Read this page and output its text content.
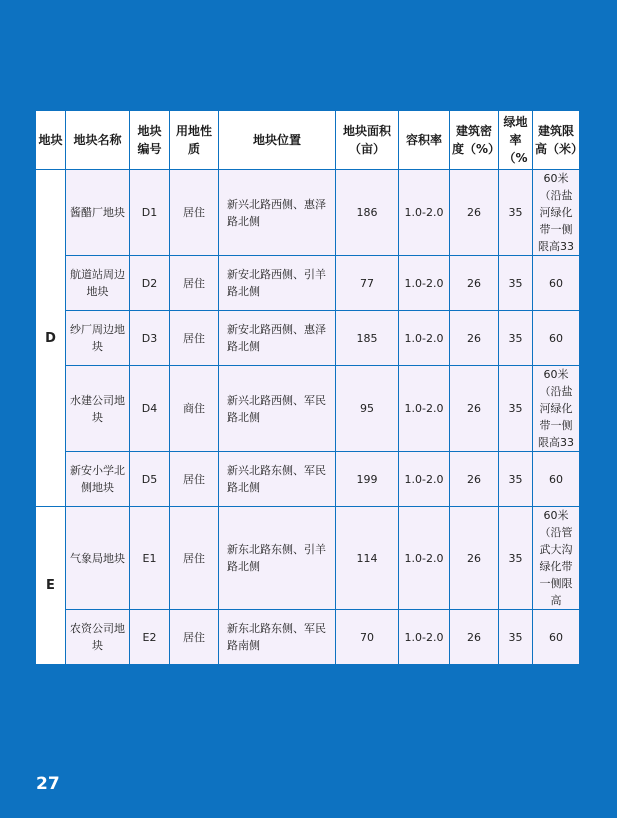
地块	地块名称	地块编号	用地性质	地块位置	地块面积（亩）	容积率	建筑密度（%）	绿地率（%	建筑限高（米）
D	酱醋厂地块	D1	居住	新兴北路西侧、惠泽路北侧	186	1.0-2.0	26	35	60米（沿盐河绿化带一侧限高33
	航道站周边地块	D2	居住	新安北路西侧、引羊路北侧	77	1.0-2.0	26	35	60
	纱厂周边地块	D3	居住	新安北路西侧、惠泽路北侧	185	1.0-2.0	26	35	60
	水建公司地块	D4	商住	新兴北路西侧、军民路北侧	95	1.0-2.0	26	35	60米（沿盐河绿化带一侧限高33
	新安小学北侧地块	D5	居住	新兴北路东侧、军民路北侧	199	1.0-2.0	26	35	60
E	气象局地块	E1	居住	新东北路东侧、引羊路北侧	114	1.0-2.0	26	35	60米（沿管武大沟绿化带一侧限高
	农资公司地块	E2	居住	新东北路东侧、军民路南侧	70	1.0-2.0	26	35	60
27
